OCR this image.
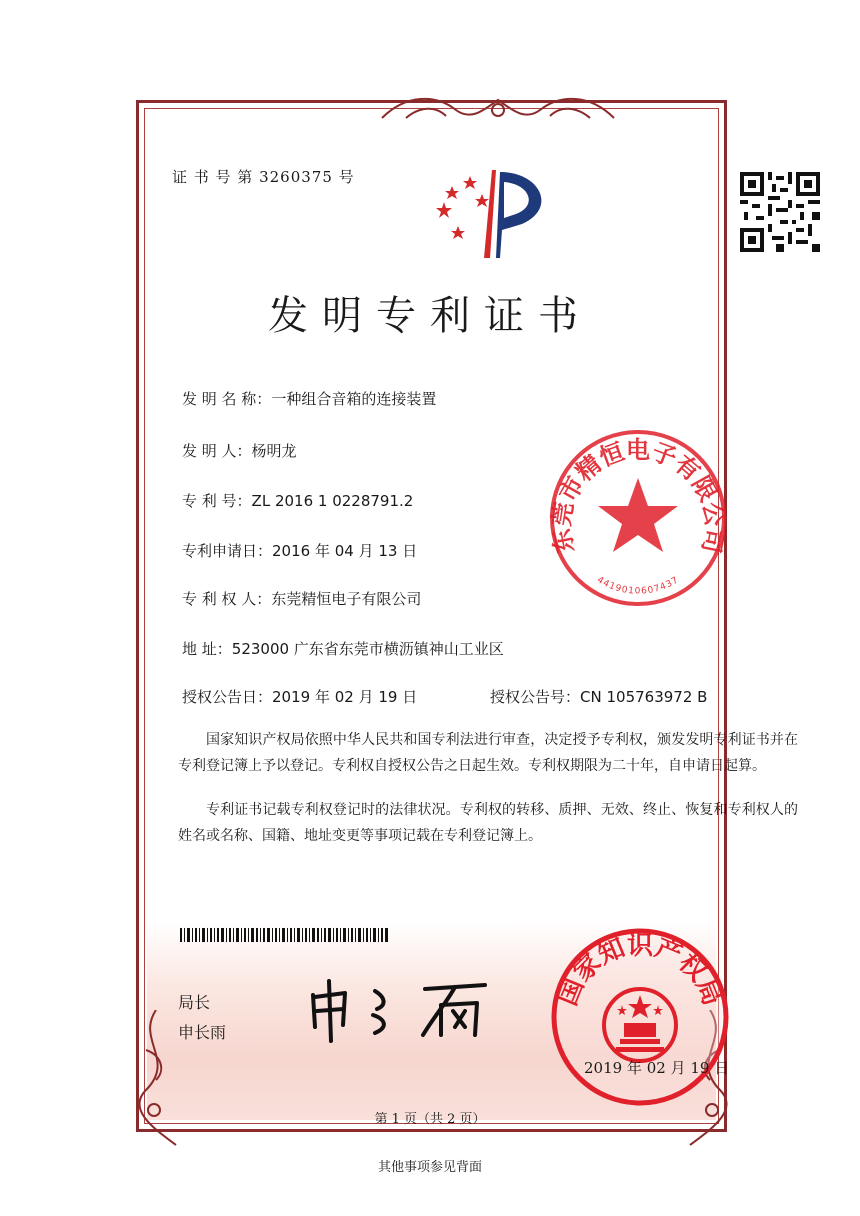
证 书 号 第 3260375 号
发明专利证书
发 明 名 称：一种组合音箱的连接装置
发 明 人：杨明龙
专 利 号：ZL 2016 1 0228791.2
专利申请日：2016 年 04 月 13 日
专 利 权 人：东莞精恒电子有限公司
地 址：523000 广东省东莞市横沥镇神山工业区
授权公告日：2019 年 02 月 19 日	授权公告号：CN 105763972 B
国家知识产权局依照中华人民共和国专利法进行审查，决定授予专利权，颁发发明专利证书并在专利登记簿上予以登记。专利权自授权公告之日起生效。专利权期限为二十年，自申请日起算。
专利证书记载专利权登记时的法律状况。专利权的转移、质押、无效、终止、恢复和专利权人的姓名或名称、国籍、地址变更等事项记载在专利登记簿上。
局长
申长雨
东莞市精恒电子有限公司
4419010607437
国家知识产权局
2019 年 02 月 19 日
第 1 页（共 2 页）
其他事项参见背面
